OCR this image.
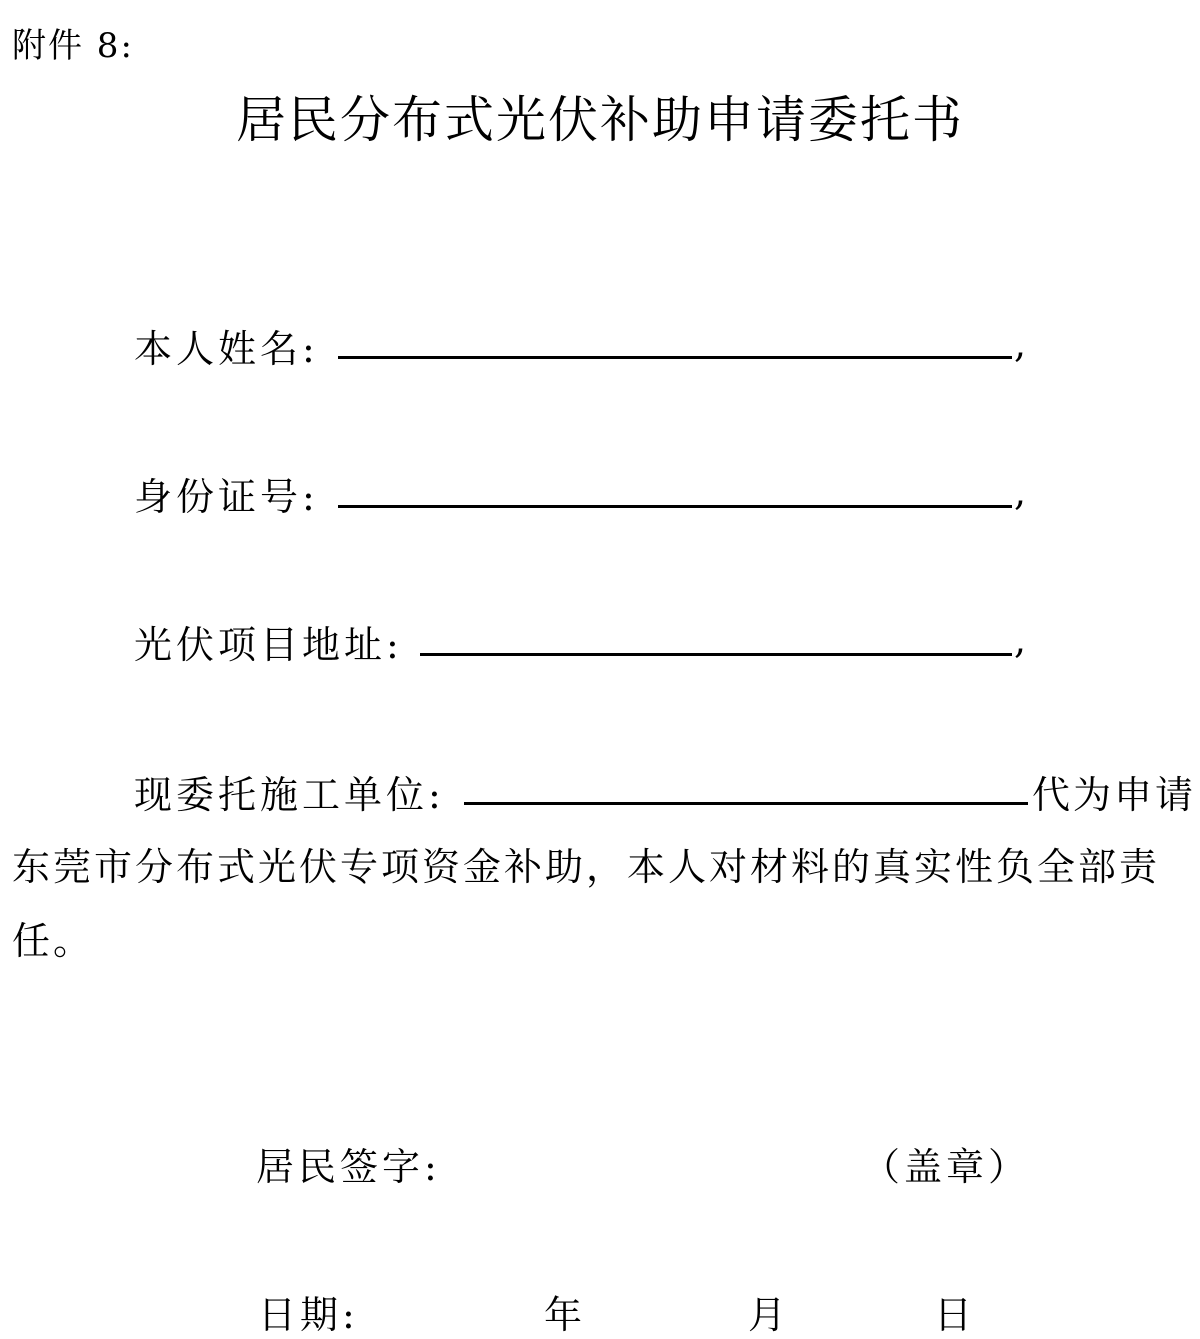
附件 8:
居民分布式光伏补助申请委托书
本人姓名:	,
身份证号:	,
光伏项目地址:	,
现委托施工单位:	代为申请
东莞市分布式光伏专项资金补助，本人对材料的真实性负全部责
任。
居民签字:	（盖章）
日期:	年	月	日
